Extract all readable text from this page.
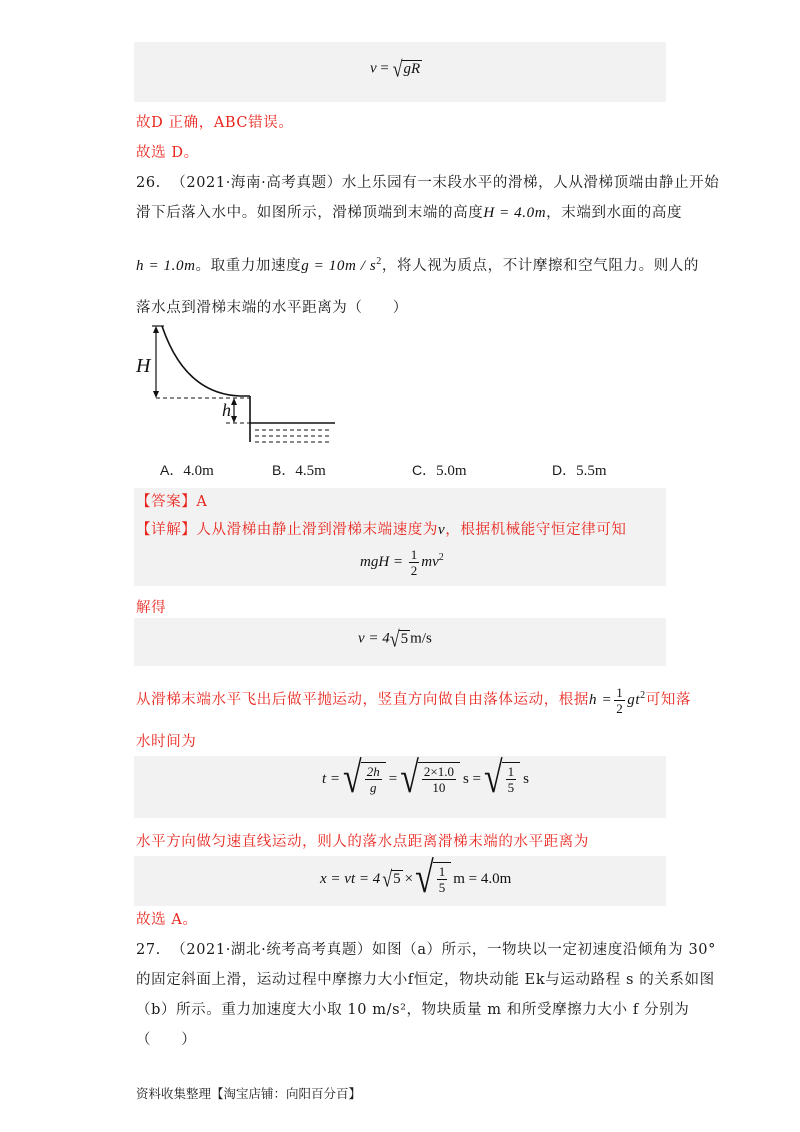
v = √ gR
故D 正确，ABC错误。
故选 D。
26. （2021·海南·高考真题）水上乐园有一末段水平的滑梯，人从滑梯顶端由静止开始
滑下后落入水中。如图所示，滑梯顶端到末端的高度H = 4.0m，末端到水面的高度
h = 1.0m。取重力加速度$g = 10m / s^2$，将人视为质点，不计摩擦和空气阻力。则人的
落水点到滑梯末端的水平距离为（　　）
H
h
A．4.0m	B．4.5m	C．5.0m	D．5.5m
【答案】A
【详解】人从滑梯由静止滑到滑梯末端速度为v，根据机械能守恒定律可知
mgH = $\frac{1}{2} mv^2$
解得
v = 4 √ 5 m/s
从滑梯末端水平飞出后做平抛运动，竖直方向做自由落体运动，根据$h = \frac{1}{2} gt^2$可知落
水时间为
t = √ $\frac{2h}{g}$ = √ $\frac{2\times 1.0}{10}$ s = √ $\frac{1}{5}$ s
水平方向做匀速直线运动，则人的落水点距离滑梯末端的水平距离为
x = vt = 4 √ 5 × √ $\frac{1}{5}$ m = 4.0m
故选 A。
27. （2021·湖北·统考高考真题）如图（a）所示，一物块以一定初速度沿倾角为 30°
的固定斜面上滑，运动过程中摩擦力大小f恒定，物块动能 Ek与运动路程 s 的关系如图
（b）所示。重力加速度大小取 10 m/s²，物块质量 m 和所受摩擦力大小 f 分别为
（　　）
资料收集整理【淘宝店铺：向阳百分百】
